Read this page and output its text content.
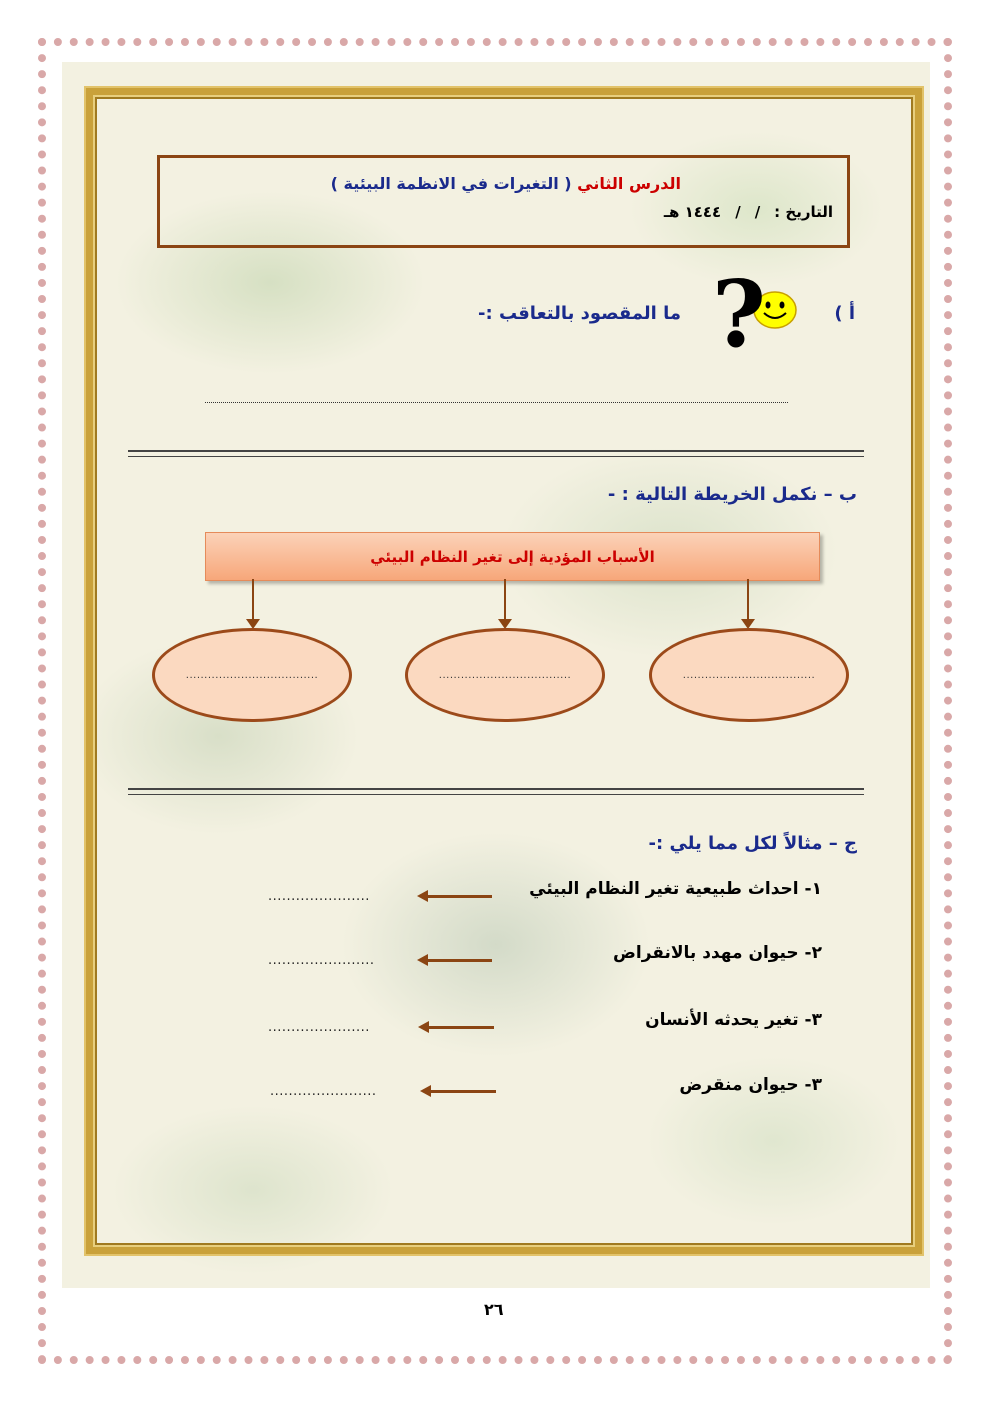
الدرس الثاني ( التغيرات في الانظمة البيئية )
التاريخ :
/
/
١٤٤٤ هـ
أ )
?
ما المقصود بالتعاقب :-
ب – نكمل الخريطة التالية : -
الأسباب المؤدية إلى تغير النظام البيئي
....................................	....................................	....................................
ج – مثالاً لكل مما يلي :-
١- احداث طبيعية تغير النظام البيئي
......................
٢- حيوان مهدد بالانقراض
.......................
٣- تغير يحدثه الأنسان
......................
٣- حيوان منقرض
.......................
٢٦
